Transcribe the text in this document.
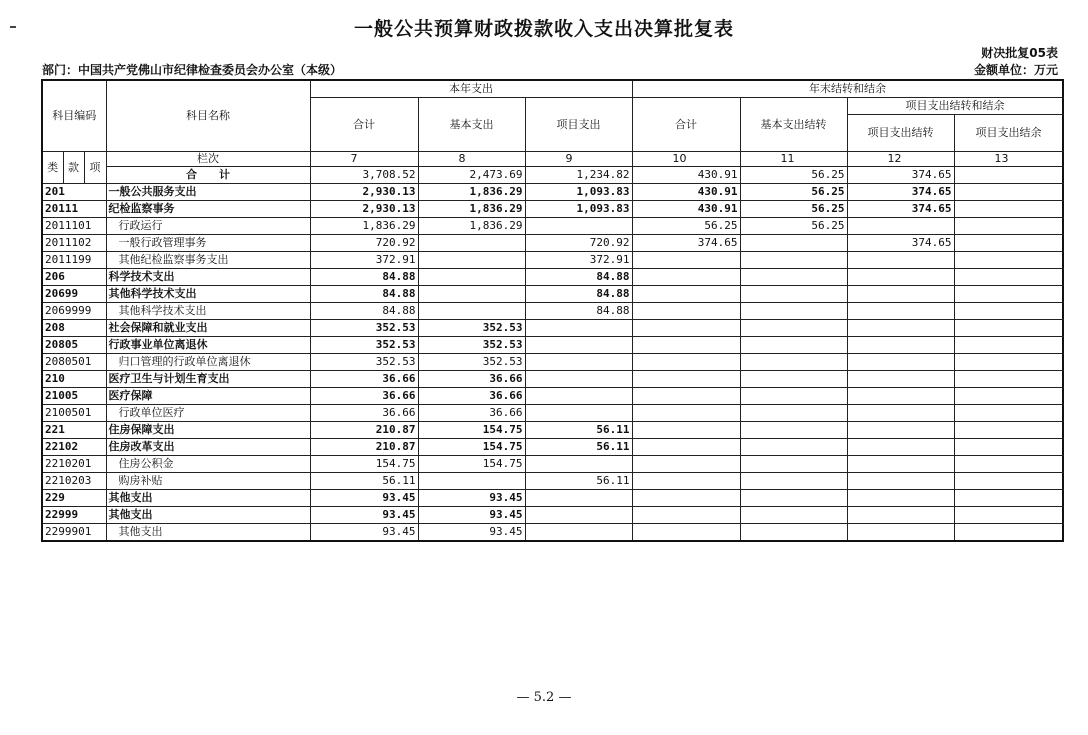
一般公共预算财政拨款收入支出决算批复表
财决批复05表
金额单位：万元
部门：中国共产党佛山市纪律检查委员会办公室（本级）
科目编码			科目名称	本年支出			年末结转和结余				
				合计	基本支出	项目支出	合计	基本支出结转	项目支出结转和结余		
									项目支出结转	项目支出结余	

类	款	项	栏次	7	8	9	10	11	12	13	
			合　　计	3,708.52	2,473.69	1,234.82	430.91	56.25	374.65		
201			一般公共服务支出	2,930.13	1,836.29	1,093.83	430.91	56.25	374.65		
20111			纪检监察事务	2,930.13	1,836.29	1,093.83	430.91	56.25	374.65		
2011101			行政运行	1,836.29	1,836.29		56.25	56.25			
2011102			一般行政管理事务	720.92		720.92	374.65		374.65		
2011199			其他纪检监察事务支出	372.91		372.91					
206			科学技术支出	84.88		84.88					
20699			其他科学技术支出	84.88		84.88					
2069999			其他科学技术支出	84.88		84.88					
208			社会保障和就业支出	352.53	352.53						
20805			行政事业单位离退休	352.53	352.53						
2080501			归口管理的行政单位离退休	352.53	352.53						
210			医疗卫生与计划生育支出	36.66	36.66						
21005			医疗保障	36.66	36.66						
2100501			行政单位医疗	36.66	36.66						
221			住房保障支出	210.87	154.75	56.11					
22102			住房改革支出	210.87	154.75	56.11					
2210201			住房公积金	154.75	154.75						
2210203			购房补贴	56.11		56.11					
229			其他支出	93.45	93.45						
22999			其他支出	93.45	93.45						
2299901			其他支出	93.45	93.45						
— 5.2 —
